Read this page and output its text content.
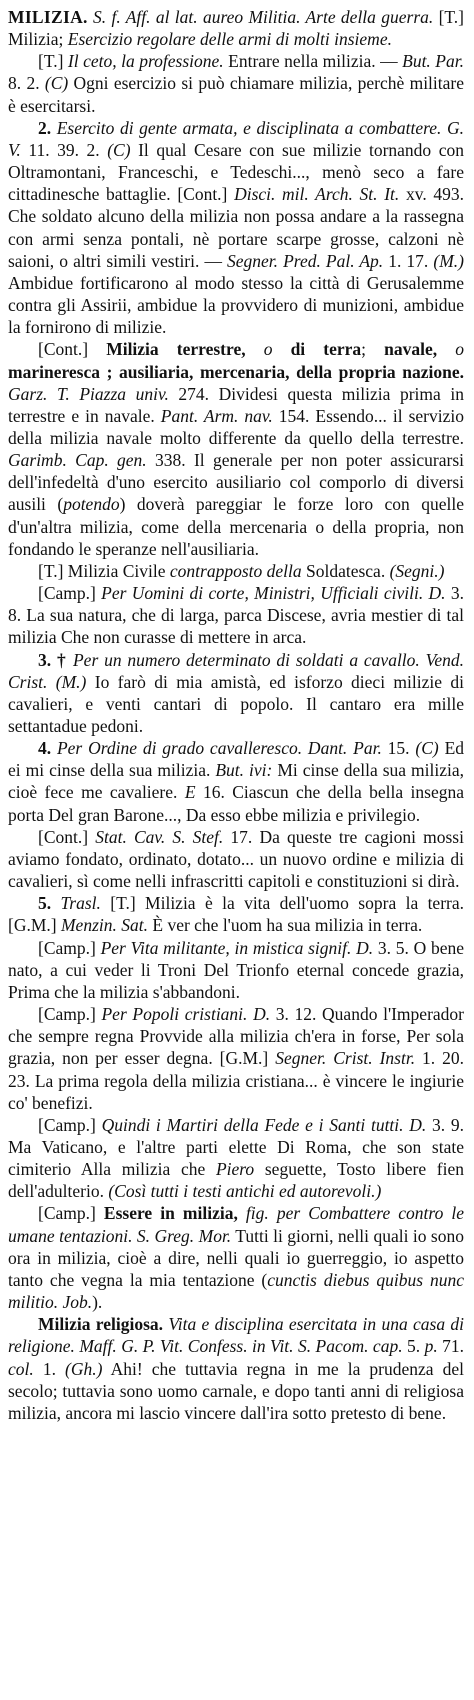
MILIZIA. S. f. Aff. al lat. aureo Militia. Arte della guerra. [T.] Milizia; Esercizio regolare delle armi di molti insieme.

[T.] Il ceto, la professione. Entrare nella milizia. — But. Par. 8. 2. (C) Ogni esercizio si può chiamare milizia, perchè militare è esercitarsi.

2. Esercito di gente armata, e disciplinata a combattere. G. V. 11. 39. 2. (C) Il qual Cesare con sue milizie tornando con Oltramontani, Franceschi, e Tedeschi..., menò seco a fare cittadinesche battaglie. [Cont.] Disci. mil. Arch. St. It. xv. 493. Che soldato alcuno della milizia non possa andare a la rassegna con armi senza pontali, nè portare scarpe grosse, calzoni nè saioni, o altri simili vestiri. — Segner. Pred. Pal. Ap. 1. 17. (M.) Ambidue fortificarono al modo stesso la città di Gerusalemme contra gli Assirii, ambidue la provvidero di munizioni, ambidue la fornirono di milizie.

[Cont.] Milizia terrestre, o di terra; navale, o marineresca ; ausiliaria, mercenaria, della propria nazione. Garz. T. Piazza univ. 274. Dividesi questa milizia prima in terrestre e in navale. Pant. Arm. nav. 154. Essendo... il servizio della milizia navale molto differente da quello della terrestre. Garimb. Cap. gen. 338. Il generale per non poter assicurarsi dell'infedeltà d'uno esercito ausiliario col comporlo di diversi ausili (potendo) doverà pareggiar le forze loro con quelle d'un'altra milizia, come della mercenaria o della propria, non fondando le speranze nell'ausiliaria.

[T.] Milizia Civile contrapposto della Soldatesca. (Segni.)

[Camp.] Per Uomini di corte, Ministri, Ufficiali civili. D. 3. 8. La sua natura, che di larga, parca Discese, avria mestier di tal milizia Che non curasse di mettere in arca.

3. † Per un numero determinato di soldati a cavallo. Vend. Crist. (M.) Io farò di mia amistà, ed isforzo dieci milizie di cavalieri, e venti cantari di popolo. Il cantaro era mille settantadue pedoni.

4. Per Ordine di grado cavalleresco. Dant. Par. 15. (C) Ed ei mi cinse della sua milizia. But. ivi: Mi cinse della sua milizia, cioè fece me cavaliere. E 16. Ciascun che della bella insegna porta Del gran Barone..., Da esso ebbe milizia e privilegio.

[Cont.] Stat. Cav. S. Stef. 17. Da queste tre cagioni mossi aviamo fondato, ordinato, dotato... un nuovo ordine e milizia di cavalieri, sì come nelli infrascritti capitoli e constituzioni si dirà.

5. Trasl. [T.] Milizia è la vita dell'uomo sopra la terra. [G.M.] Menzin. Sat. È ver che l'uom ha sua milizia in terra.

[Camp.] Per Vita militante, in mistica signif. D. 3. 5. O bene nato, a cui veder li Troni Del Trionfo eternal concede grazia, Prima che la milizia s'abbandoni.

[Camp.] Per Popoli cristiani. D. 3. 12. Quando l'Imperador che sempre regna Provvide alla milizia ch'era in forse, Per sola grazia, non per esser degna. [G.M.] Segner. Crist. Instr. 1. 20. 23. La prima regola della milizia cristiana... è vincere le ingiurie co' benefizi.

[Camp.] Quindi i Martiri della Fede e i Santi tutti. D. 3. 9. Ma Vaticano, e l'altre parti elette Di Roma, che son state cimiterio Alla milizia che Piero seguette, Tosto libere fien dell'adulterio. (Così tutti i testi antichi ed autorevoli.)

[Camp.] Essere in milizia, fig. per Combattere contro le umane tentazioni. S. Greg. Mor. Tutti li giorni, nelli quali io sono ora in milizia, cioè a dire, nelli quali io guerreggio, io aspetto tanto che vegna la mia tentazione (cunctis diebus quibus nunc militio. Job.).

Milizia religiosa. Vita e disciplina esercitata in una casa di religione. Maff. G. P. Vit. Confess. in Vit. S. Pacom. cap. 5. p. 71. col. 1. (Gh.) Ahi! che tuttavia regna in me la prudenza del secolo; tuttavia sono uomo carnale, e dopo tanti anni di religiosa milizia, ancora mi lascio vincere dall'ira sotto pretesto di bene.
